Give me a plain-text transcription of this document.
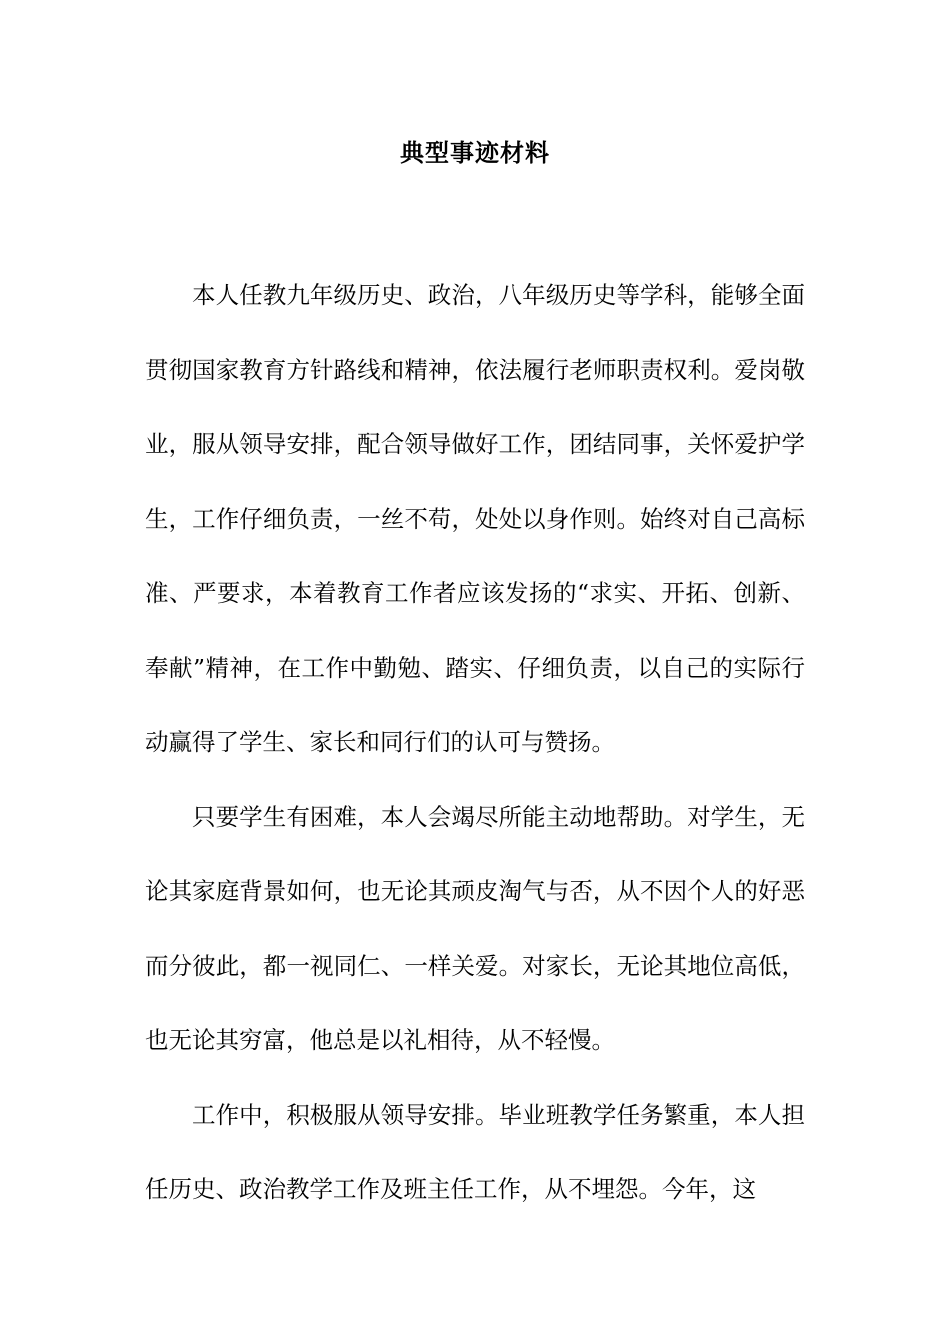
典型事迹材料

本人任教九年级历史、政治，八年级历史等学科，能够全面贯彻国家教育方针路线和精神，依法履行老师职责权利。爱岗敬业，服从领导安排，配合领导做好工作，团结同事，关怀爱护学生，工作仔细负责，一丝不苟，处处以身作则。始终对自己高标准、严要求，本着教育工作者应该发扬的“求实、开拓、创新、奉献”精神，在工作中勤勉、踏实、仔细负责，以自己的实际行动赢得了学生、家长和同行们的认可与赞扬。

只要学生有困难，本人会竭尽所能主动地帮助。对学生，无论其家庭背景如何，也无论其顽皮淘气与否，从不因个人的好恶而分彼此，都一视同仁、一样关爱。对家长，无论其地位高低，也无论其穷富，他总是以礼相待，从不轻慢。

工作中，积极服从领导安排。毕业班教学任务繁重，本人担任历史、政治教学工作及班主任工作，从不埋怨。今年，这
